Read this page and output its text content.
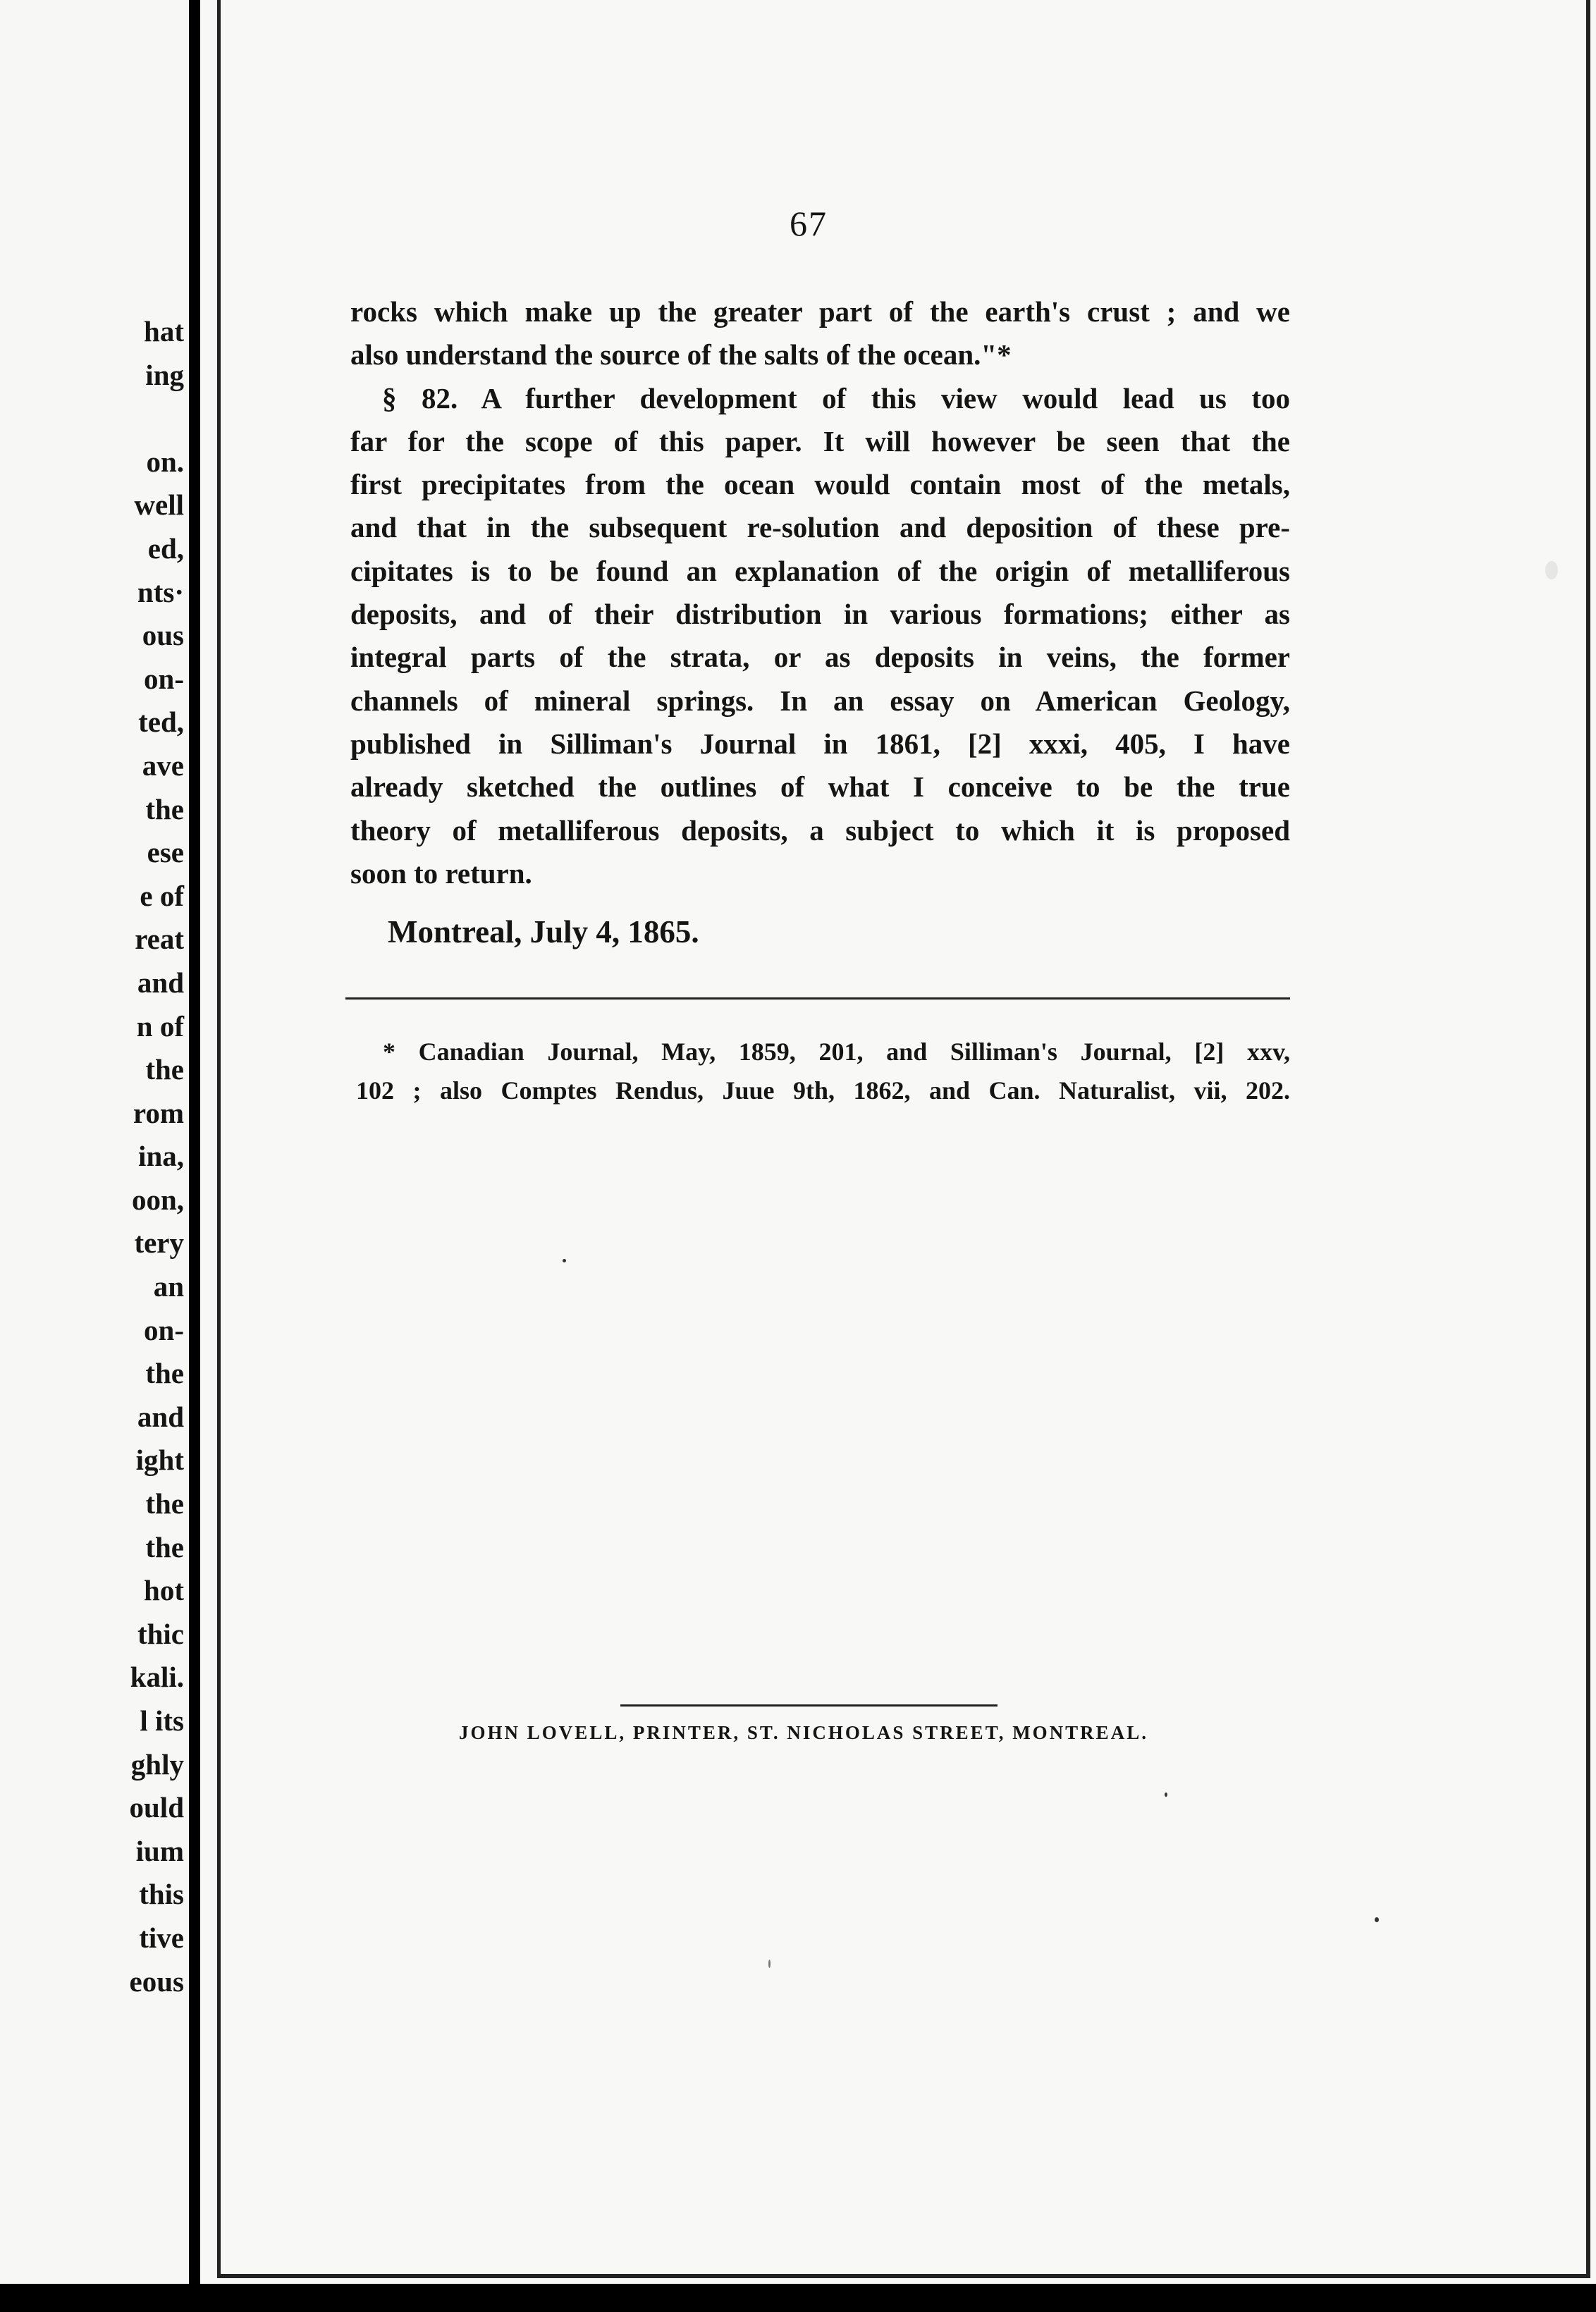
hat
ing
on.
well
ed,
nts·
ous
on-
ted,
ave
the
ese
e of
reat
and
n of
the
rom
ina,
oon,
tery
an
on-
the
and
ight
the
the
hot
thic
kali.
l its
ghly
ould
ium
this
tive
eous
67
rocks which make up the greater part of the earth's crust ; and we
also understand the source of the salts of the ocean."*
§ 82. A further development of this view would lead us too
far for the scope of this paper. It will however be seen that the
first precipitates from the ocean would contain most of the metals,
and that in the subsequent re-solution and deposition of these pre-
cipitates is to be found an explanation of the origin of metalliferous
deposits, and of their distribution in various formations; either as
integral parts of the strata, or as deposits in veins, the former
channels of mineral springs. In an essay on American Geology,
published in Silliman's Journal in 1861, [2] xxxi, 405, I have
already sketched the outlines of what I conceive to be the true
theory of metalliferous deposits, a subject to which it is proposed
soon to return.
Montreal, July 4, 1865.
* Canadian Journal, May, 1859, 201, and Silliman's Journal, [2] xxv,
102 ; also Comptes Rendus, Juue 9th, 1862, and Can. Naturalist, vii, 202.
JOHN LOVELL, PRINTER, ST. NICHOLAS STREET, MONTREAL.
